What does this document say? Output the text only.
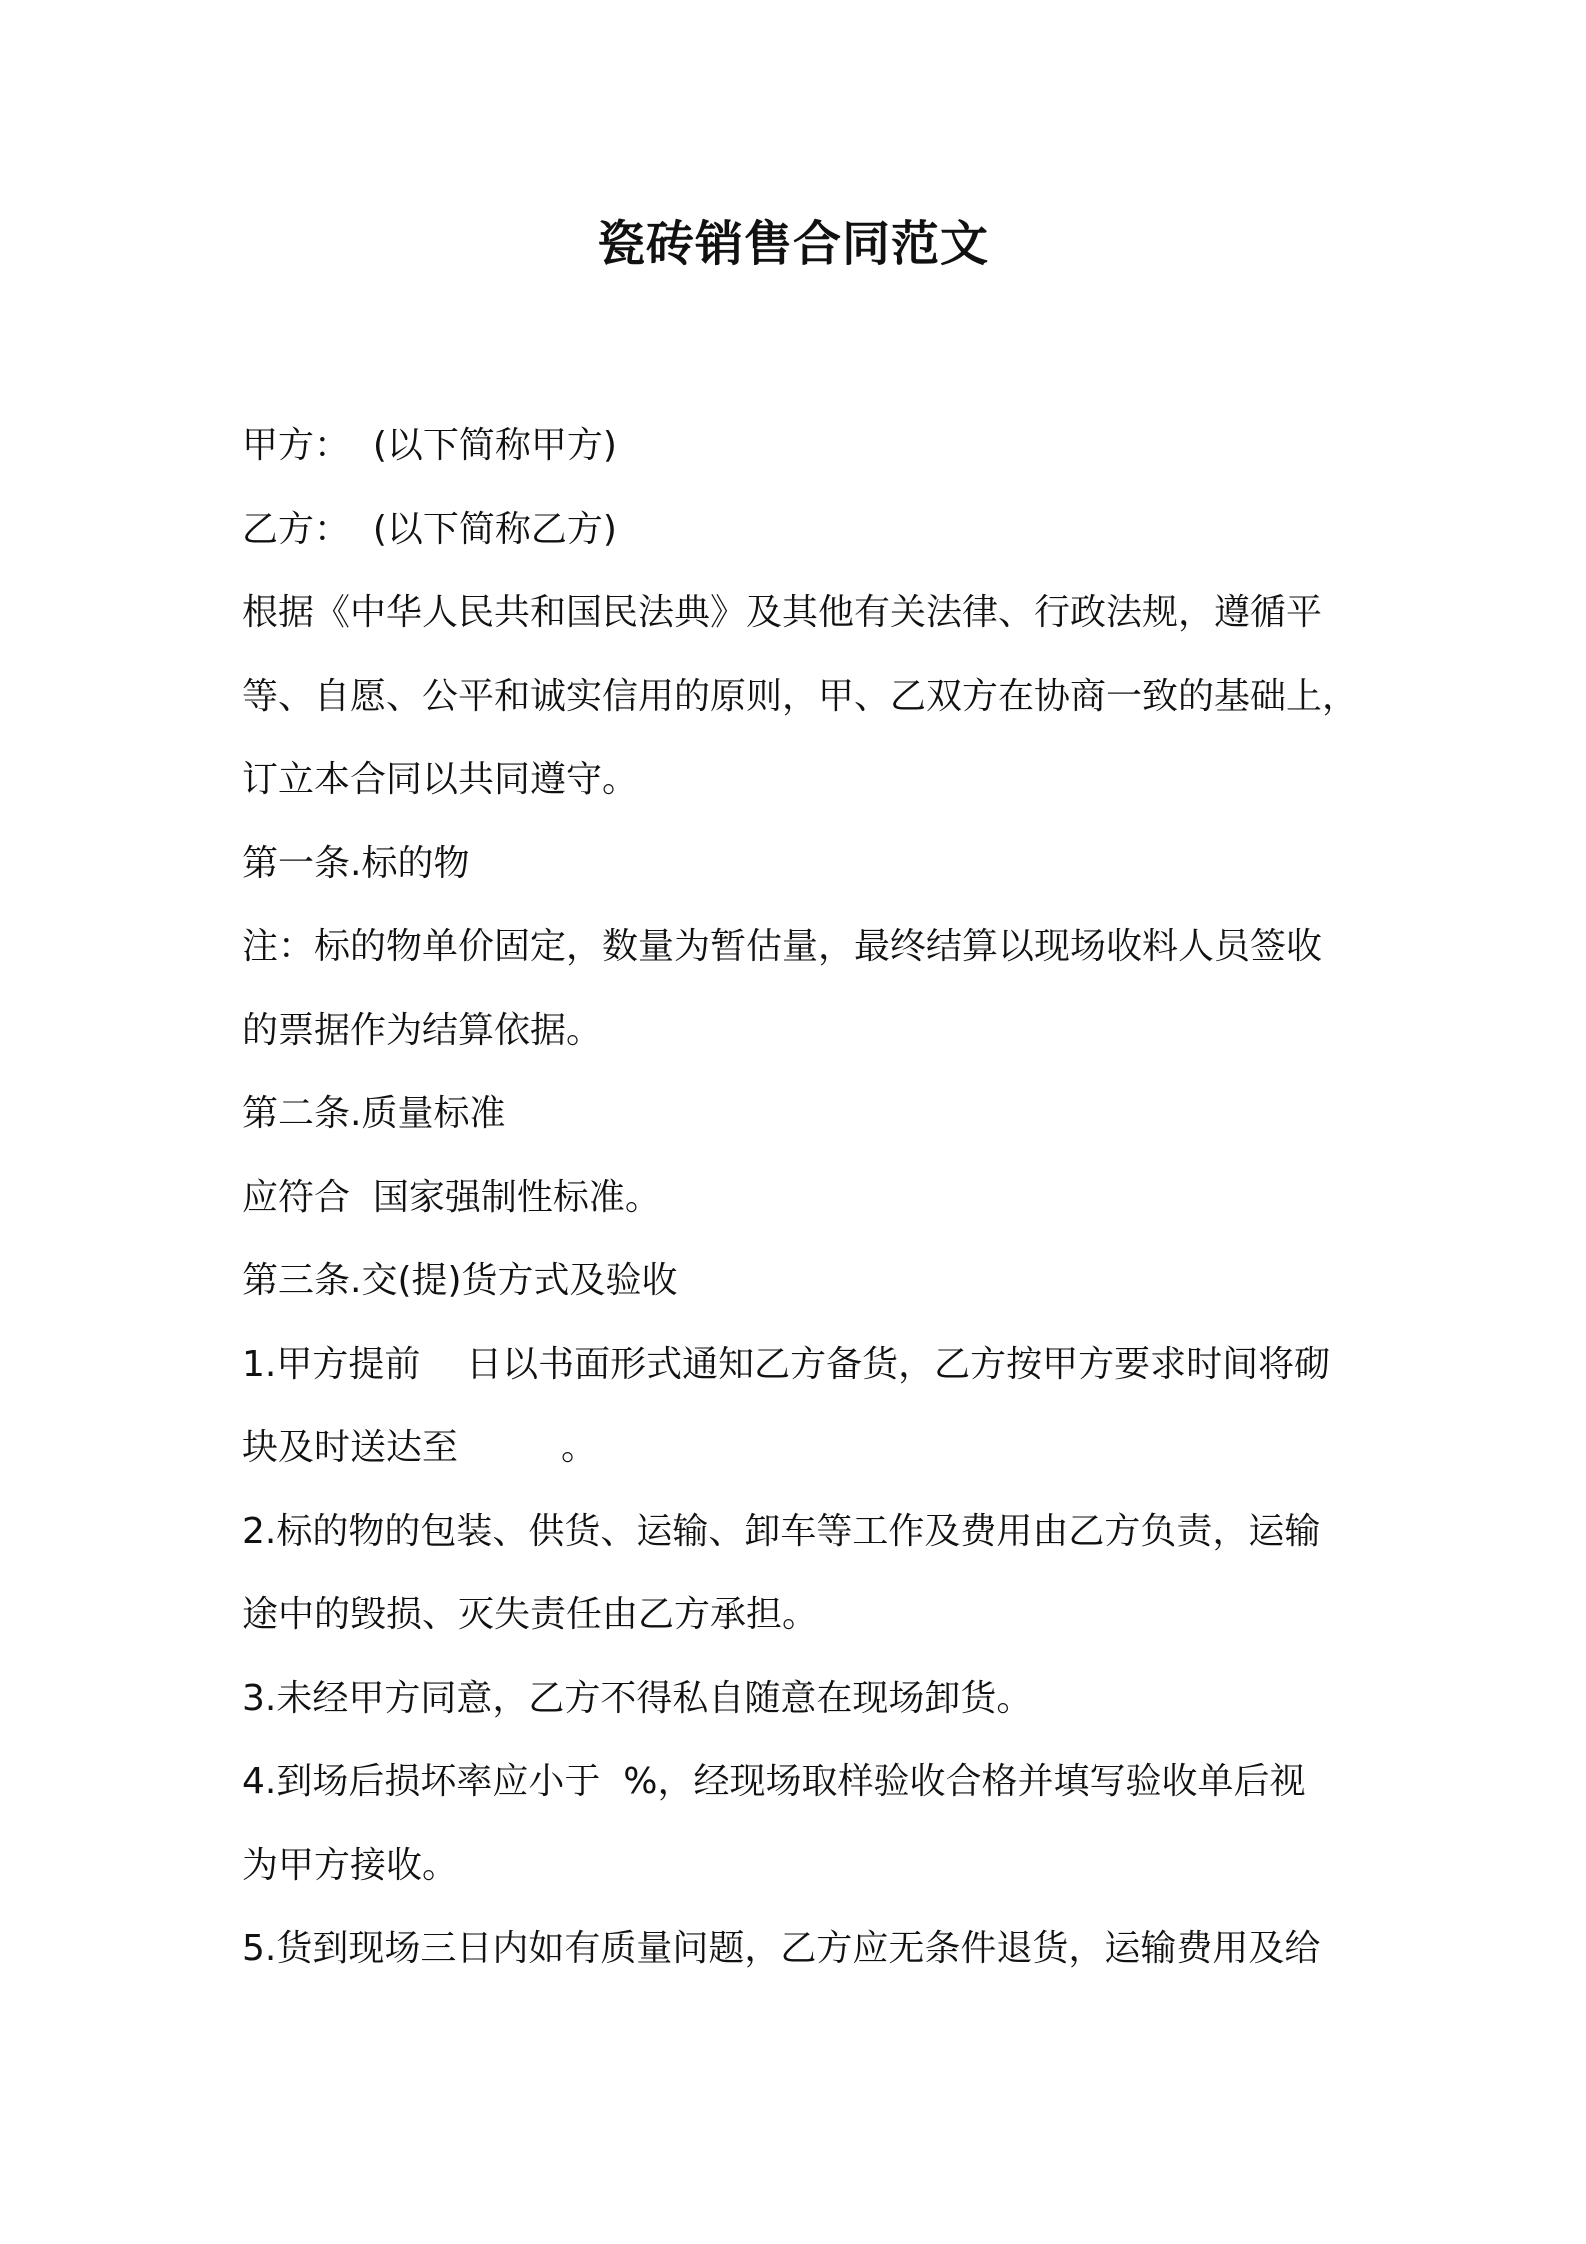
瓷砖销售合同范文
甲方：  (以下简称甲方)
乙方：  (以下简称乙方)
根据《中华人民共和国民法典》及其他有关法律、行政法规，遵循平
等、自愿、公平和诚实信用的原则，甲、乙双方在协商一致的基础上，
订立本合同以共同遵守。
第一条.标的物
注：标的物单价固定，数量为暂估量，最终结算以现场收料人员签收
的票据作为结算依据。
第二条.质量标准
应符合  国家强制性标准。
第三条.交(提)货方式及验收
1.甲方提前    日以书面形式通知乙方备货，乙方按甲方要求时间将砌
块及时送达至         。
2.标的物的包装、供货、运输、卸车等工作及费用由乙方负责，运输
途中的毁损、灭失责任由乙方承担。
3.未经甲方同意，乙方不得私自随意在现场卸货。
4.到场后损坏率应小于  %，经现场取样验收合格并填写验收单后视
为甲方接收。
5.货到现场三日内如有质量问题，乙方应无条件退货，运输费用及给
